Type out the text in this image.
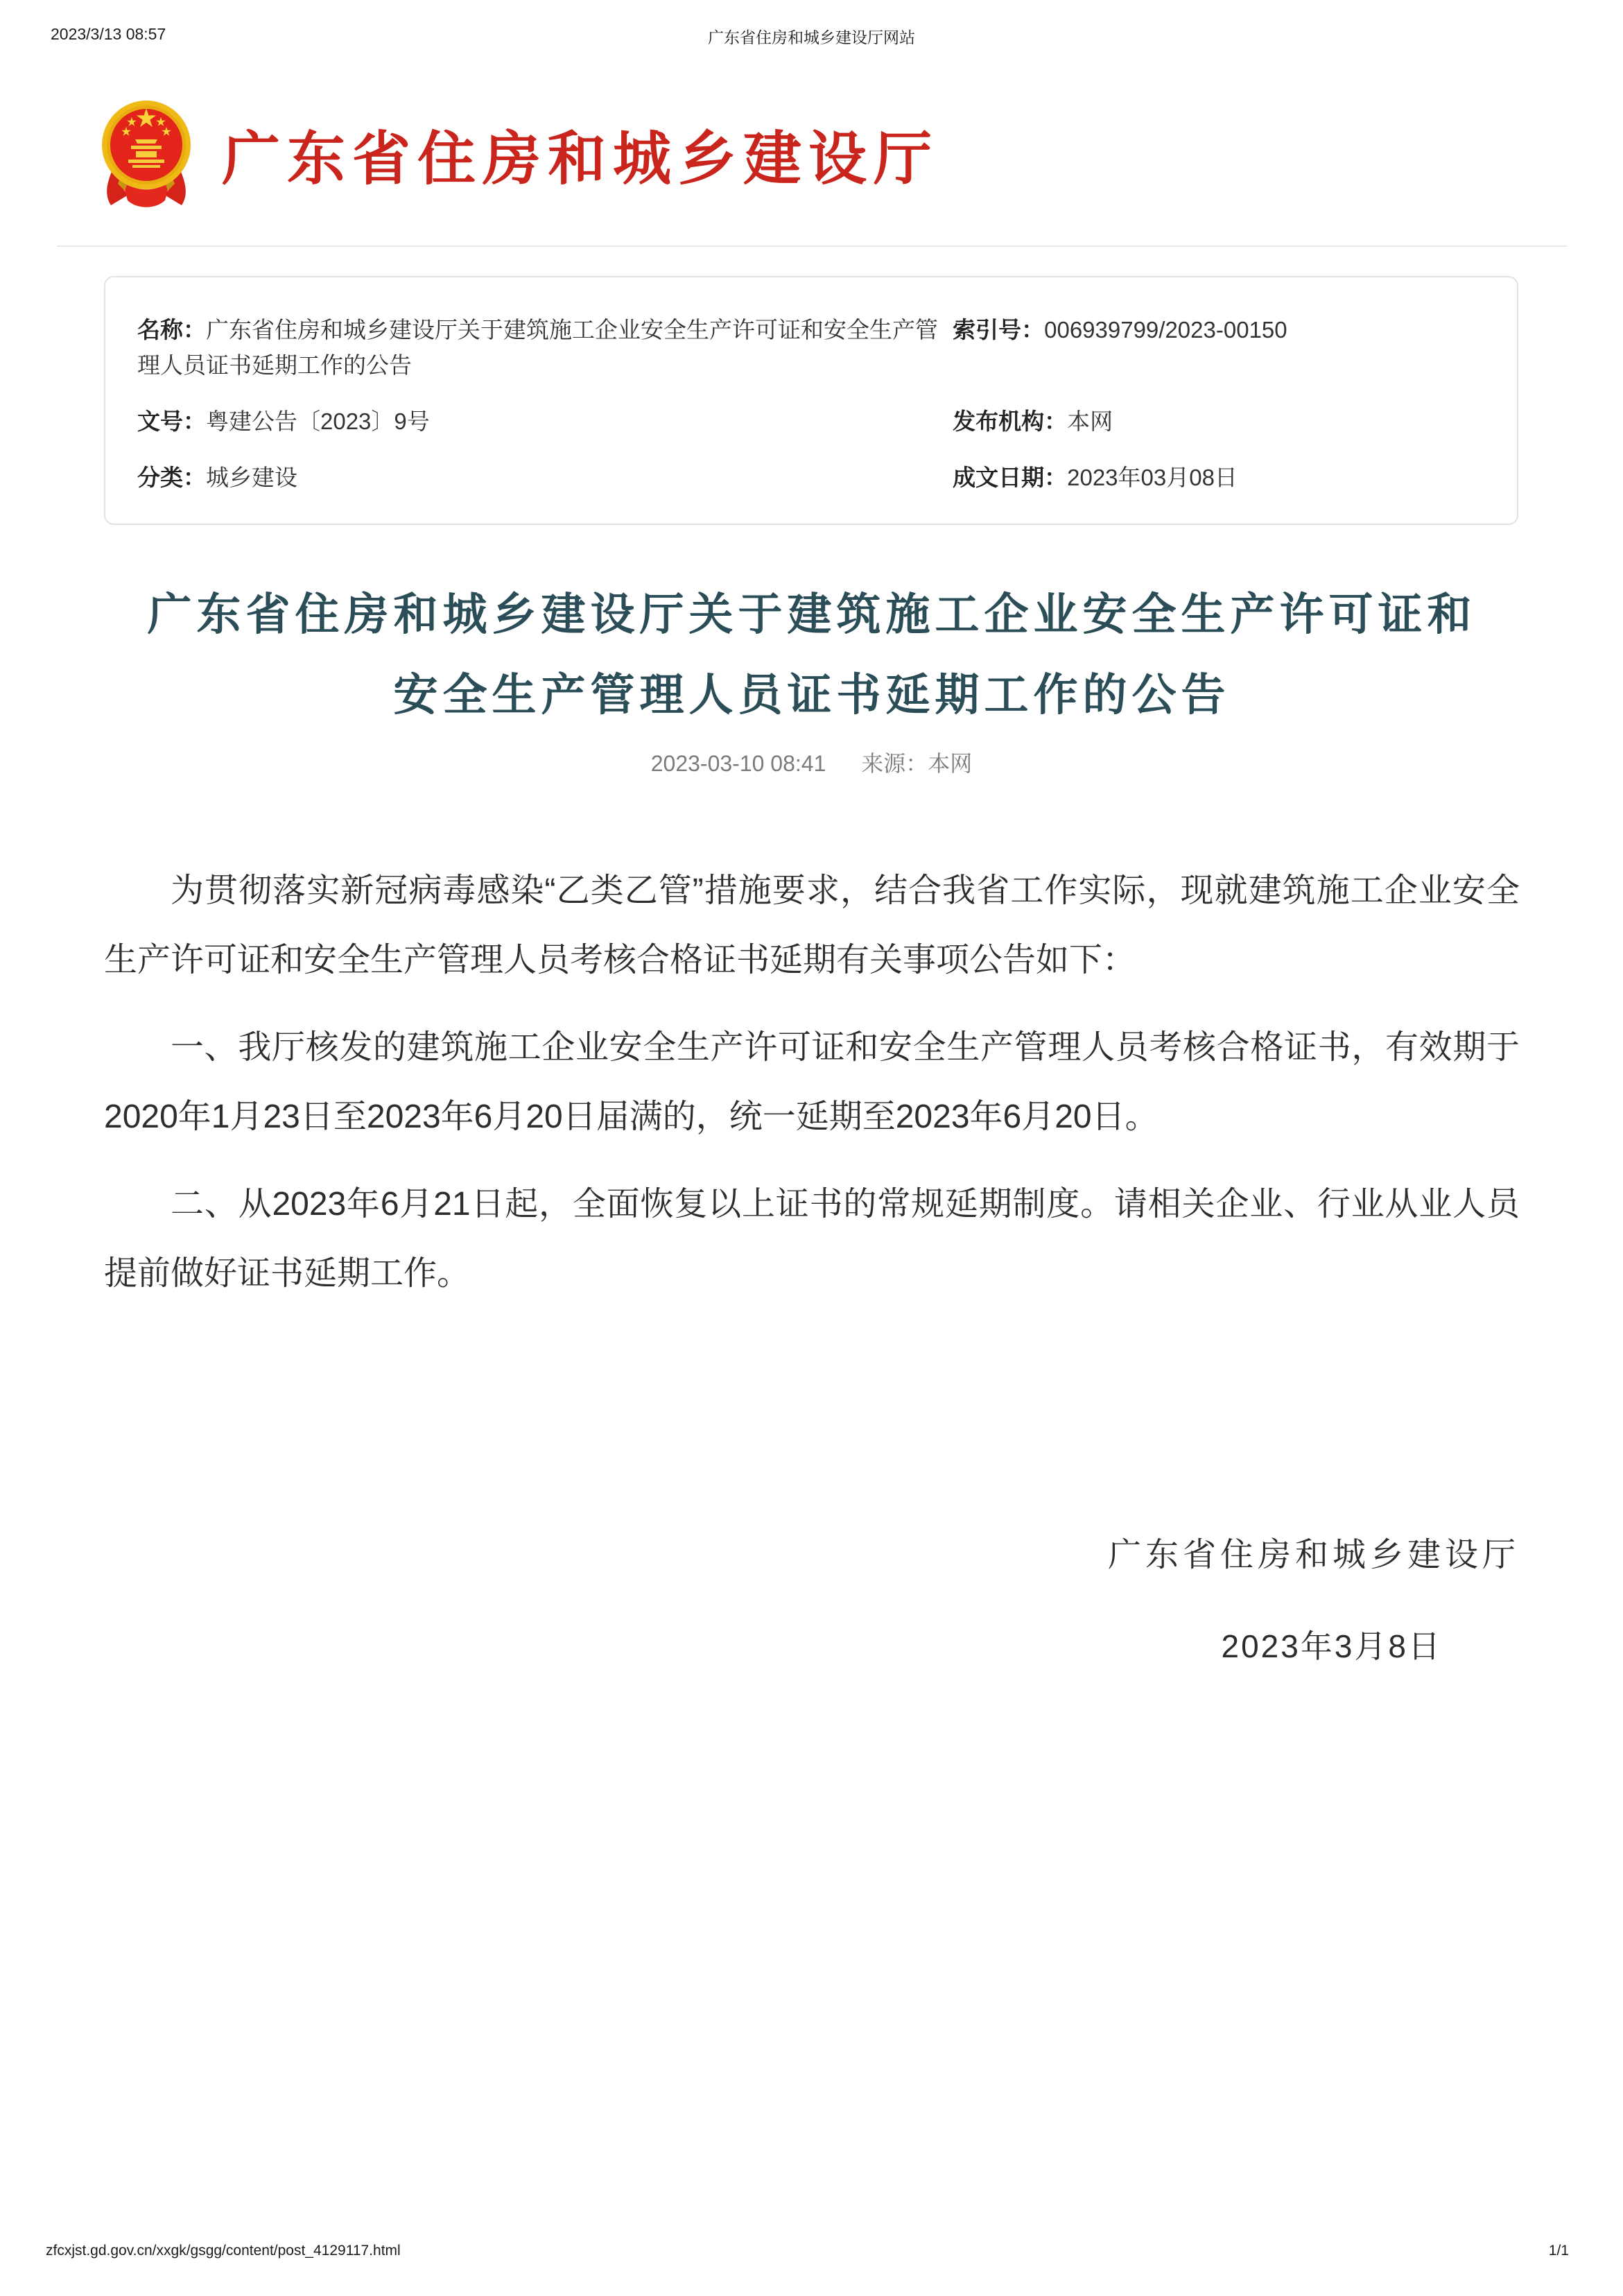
2023/3/13 08:57	广东省住房和城乡建设厅网站
广东省住房和城乡建设厅
名称：广东省住房和城乡建设厅关于建筑施工企业安全生产许可证和安全生产管理人员证书延期工作的公告
索引号：006939799/2023-00150
文号：粤建公告〔2023〕9号	发布机构：本网
分类：城乡建设	成文日期：2023年03月08日
广东省住房和城乡建设厅关于建筑施工企业安全生产许可证和
安全生产管理人员证书延期工作的公告
2023-03-10 08:41 来源：本网

为贯彻落实新冠病毒感染“乙类乙管”措施要求，结合我省工作实际，现就建筑施工企业安全生产许可证和安全生产管理人员考核合格证书延期有关事项公告如下：

一、我厅核发的建筑施工企业安全生产许可证和安全生产管理人员考核合格证书，有效期于2020年1月23日至2023年6月20日届满的，统一延期至2023年6月20日。

二、从2023年6月21日起，全面恢复以上证书的常规延期制度。请相关企业、行业从业人员提前做好证书延期工作。

广东省住房和城乡建设厅
2023年3月8日
zfcxjst.gd.gov.cn/xxgk/gsgg/content/post_4129117.html	1/1
